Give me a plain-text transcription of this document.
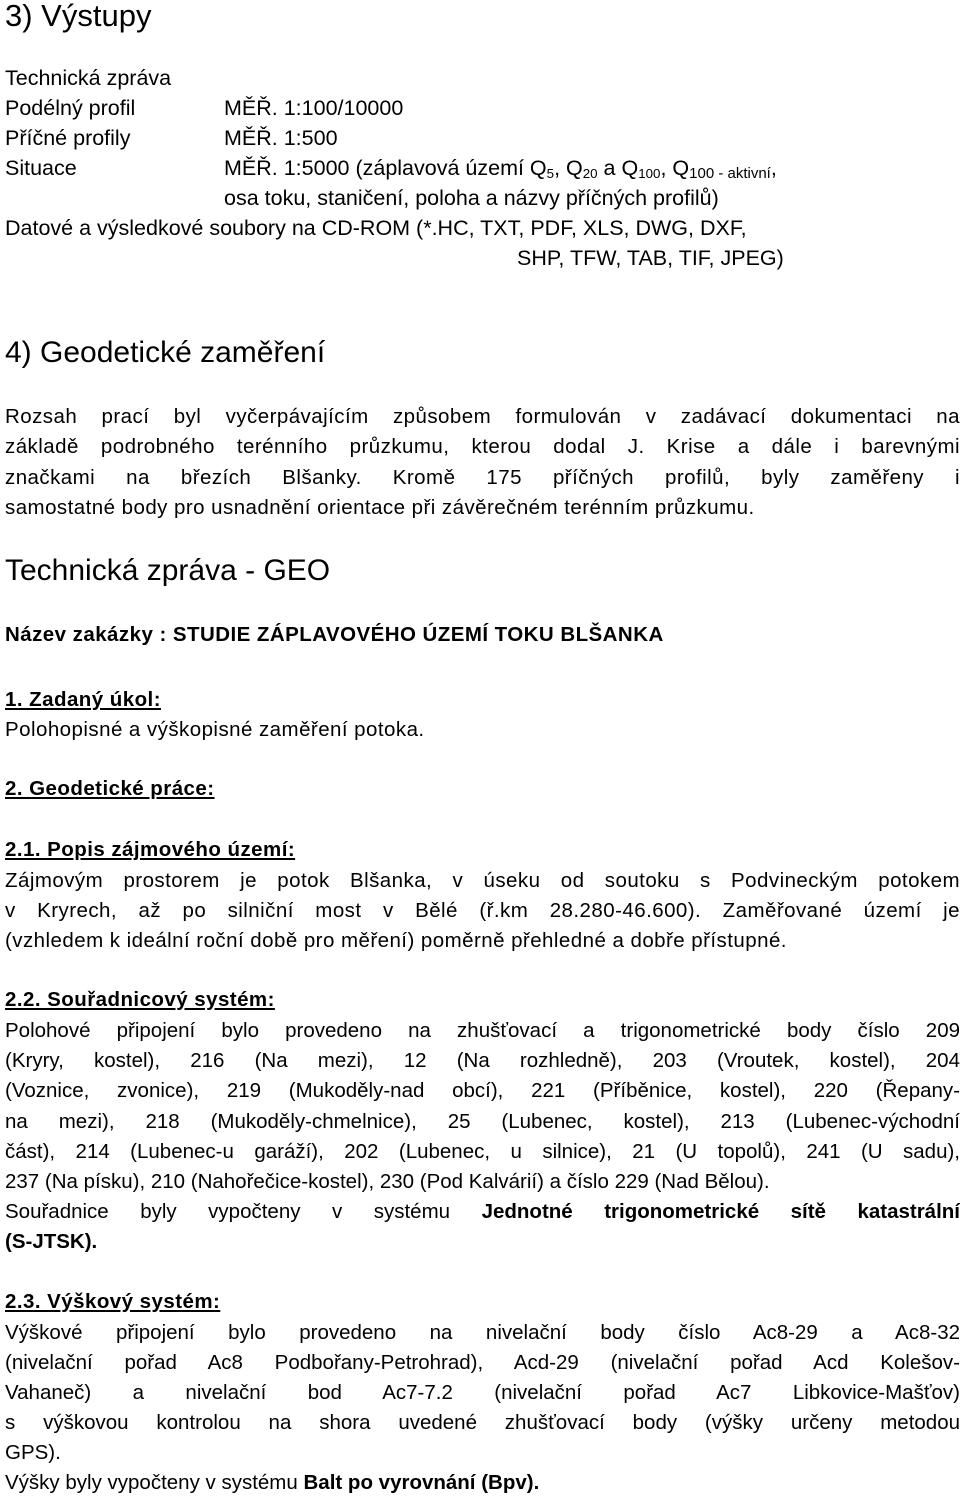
3) Výstupy
Technická zpráva
Podélný profil	MĚŘ. 1:100/10000
Příčné profily	MĚŘ. 1:500
Situace	MĚŘ. 1:5000 (záplavová území $Q_5$, $Q_{20}$ a $Q_{100}$, $Q_{100 - aktivní}$,
osa toku, staničení, poloha a názvy příčných profilů)
Datové a výsledkové soubory na CD-ROM (*.HC, TXT, PDF, XLS, DWG, DXF,
SHP, TFW, TAB, TIF, JPEG)
4) Geodetické zaměření
Rozsah prací byl vyčerpávajícím způsobem formulován v zadávací dokumentaci na
základě podrobného terénního průzkumu, kterou dodal J. Krise a dále i barevnými
značkami na březích Blšanky. Kromě 175 příčných profilů, byly zaměřeny i
samostatné body pro usnadnění orientace při závěrečném terénním průzkumu.
Technická zpráva - GEO
Název zakázky : STUDIE ZÁPLAVOVÉHO ÚZEMÍ TOKU BLŠANKA
1. Zadaný úkol:
Polohopisné a výškopisné zaměření potoka.
2. Geodetické práce:
2.1. Popis zájmového území:
Zájmovým prostorem je potok Blšanka, v úseku od soutoku s Podvineckým potokem
v Kryrech, až po silniční most v Bělé (ř.km 28.280-46.600). Zaměřované území je
(vzhledem k ideální roční době pro měření) poměrně přehledné a dobře přístupné.
2.2. Souřadnicový systém:
Polohové připojení bylo provedeno na zhušťovací a trigonometrické body číslo 209
(Kryry, kostel), 216 (Na mezi), 12 (Na rozhledně), 203 (Vroutek, kostel), 204
(Voznice, zvonice), 219 (Mukoděly-nad obcí), 221 (Příběnice, kostel), 220 (Řepany-
na mezi), 218 (Mukoděly-chmelnice), 25 (Lubenec, kostel), 213 (Lubenec-východní
část), 214 (Lubenec-u garáží), 202 (Lubenec, u silnice), 21 (U topolů), 241 (U sadu),
237 (Na písku), 210 (Nahořečice-kostel), 230 (Pod Kalvárií) a číslo 229 (Nad Bělou).
Souřadnice byly vypočteny v systému Jednotné trigonometrické sítě katastrální
(S-JTSK).
2.3. Výškový systém:
Výškové připojení bylo provedeno na nivelační body číslo Ac8-29 a Ac8-32
(nivelační pořad Ac8 Podbořany-Petrohrad), Acd-29 (nivelační pořad Acd Kolešov-
Vahaneč) a nivelační bod Ac7-7.2 (nivelační pořad Ac7 Libkovice-Mašťov)
s výškovou kontrolou na shora uvedené zhušťovací body (výšky určeny metodou
GPS).
Výšky byly vypočteny v systému Balt po vyrovnání (Bpv).
